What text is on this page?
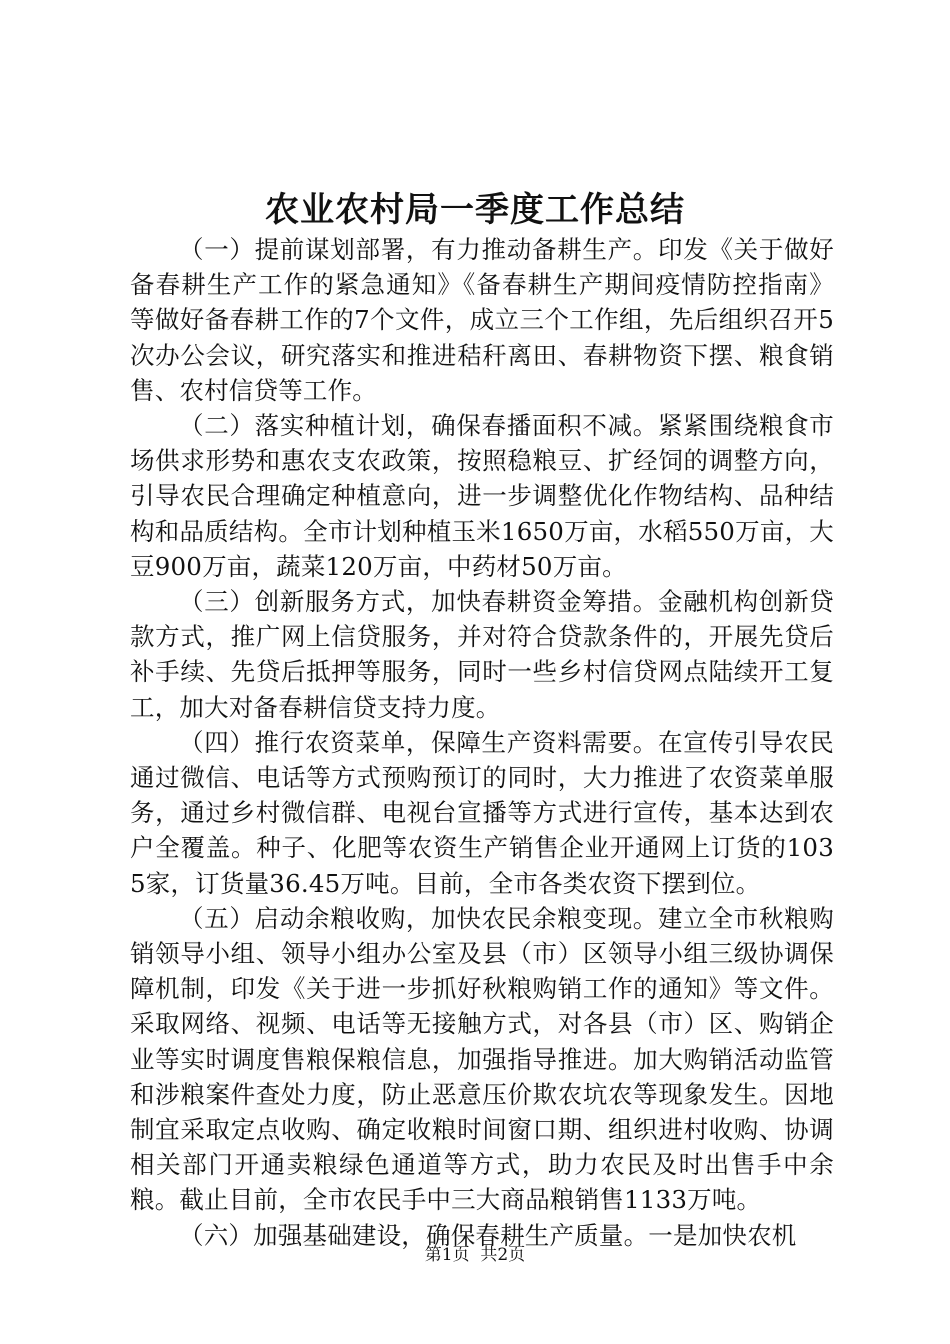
农业农村局一季度工作总结

（一）提前谋划部署，有力推动备耕生产。印发《关于做好备春耕生产工作的紧急通知》《备春耕生产期间疫情防控指南》等做好备春耕工作的7个文件，成立三个工作组，先后组织召开5次办公会议，研究落实和推进秸秆离田、春耕物资下摆、粮食销售、农村信贷等工作。

（二）落实种植计划，确保春播面积不减。紧紧围绕粮食市场供求形势和惠农支农政策，按照稳粮豆、扩经饲的调整方向，引导农民合理确定种植意向，进一步调整优化作物结构、品种结构和品质结构。全市计划种植玉米1650万亩，水稻550万亩，大豆900万亩，蔬菜120万亩，中药材50万亩。

（三）创新服务方式，加快春耕资金筹措。金融机构创新贷款方式，推广网上信贷服务，并对符合贷款条件的，开展先贷后补手续、先贷后抵押等服务，同时一些乡村信贷网点陆续开工复工，加大对备春耕信贷支持力度。

（四）推行农资菜单，保障生产资料需要。在宣传引导农民通过微信、电话等方式预购预订的同时，大力推进了农资菜单服务，通过乡村微信群、电视台宣播等方式进行宣传，基本达到农户全覆盖。种子、化肥等农资生产销售企业开通网上订货的1035家，订货量36.45万吨。目前，全市各类农资下摆到位。

（五）启动余粮收购，加快农民余粮变现。建立全市秋粮购销领导小组、领导小组办公室及县（市）区领导小组三级协调保障机制，印发《关于进一步抓好秋粮购销工作的通知》等文件。采取网络、视频、电话等无接触方式，对各县（市）区、购销企业等实时调度售粮保粮信息，加强指导推进。加大购销活动监管和涉粮案件查处力度，防止恶意压价欺农坑农等现象发生。因地制宜采取定点收购、确定收粮时间窗口期、组织进村收购、协调相关部门开通卖粮绿色通道等方式，助力农民及时出售手中余粮。截止目前，全市农民手中三大商品粮销售1133万吨。

（六）加强基础建设，确保春耕生产质量。一是加快农机

第1页 共2页
